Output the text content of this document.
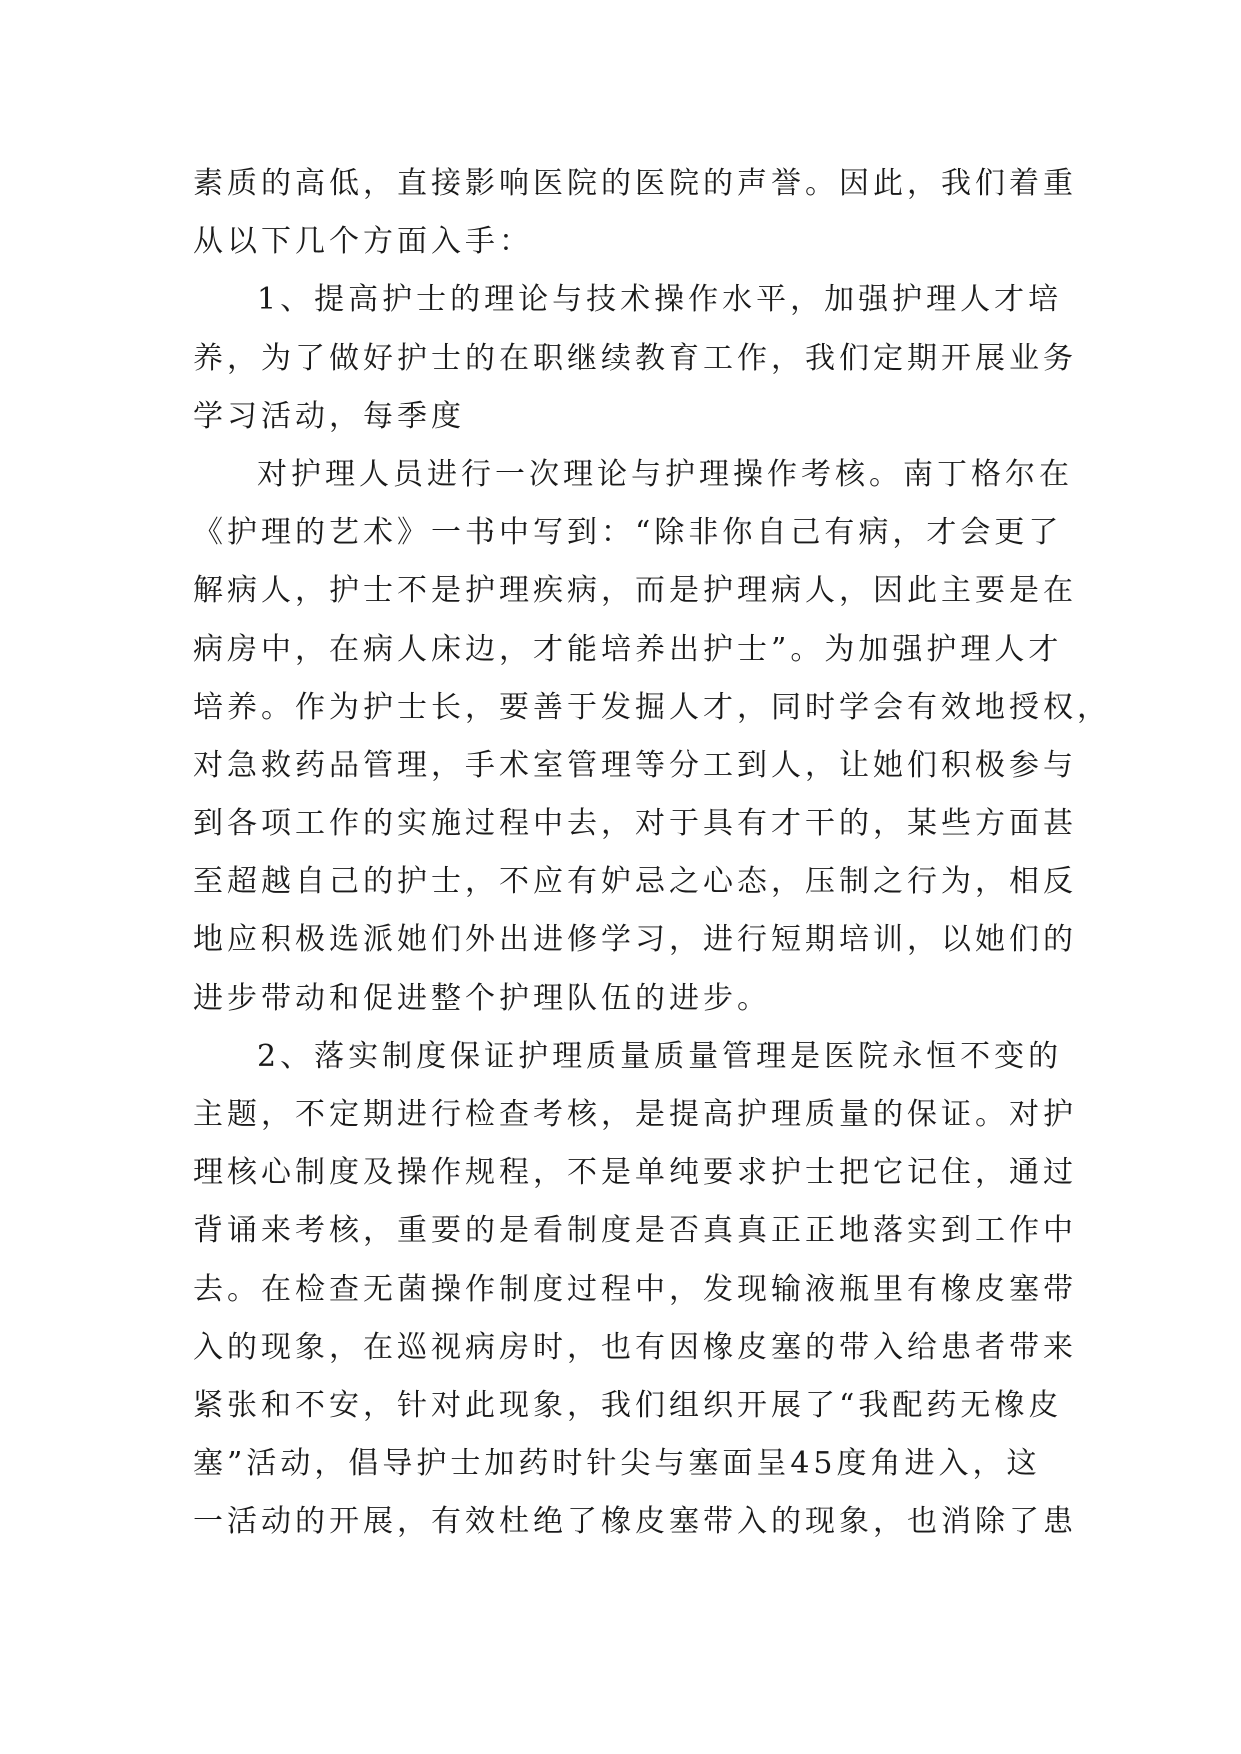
素质的高低，直接影响医院的医院的声誉。因此，我们着重
从以下几个方面入手：
1、提高护士的理论与技术操作水平，加强护理人才培
养，为了做好护士的在职继续教育工作，我们定期开展业务
学习活动，每季度
对护理人员进行一次理论与护理操作考核。南丁格尔在
《护理的艺术》一书中写到：“除非你自己有病，才会更了
解病人，护士不是护理疾病，而是护理病人，因此主要是在
病房中，在病人床边，才能培养出护士”。为加强护理人才
培养。作为护士长，要善于发掘人才，同时学会有效地授权，
对急救药品管理，手术室管理等分工到人，让她们积极参与
到各项工作的实施过程中去，对于具有才干的，某些方面甚
至超越自己的护士，不应有妒忌之心态，压制之行为，相反
地应积极选派她们外出进修学习，进行短期培训，以她们的
进步带动和促进整个护理队伍的进步。
2、落实制度保证护理质量质量管理是医院永恒不变的
主题，不定期进行检查考核，是提高护理质量的保证。对护
理核心制度及操作规程，不是单纯要求护士把它记住，通过
背诵来考核，重要的是看制度是否真真正正地落实到工作中
去。在检查无菌操作制度过程中，发现输液瓶里有橡皮塞带
入的现象，在巡视病房时，也有因橡皮塞的带入给患者带来
紧张和不安，针对此现象，我们组织开展了“我配药无橡皮
塞”活动，倡导护士加药时针尖与塞面呈45度角进入，这
一活动的开展，有效杜绝了橡皮塞带入的现象，也消除了患
